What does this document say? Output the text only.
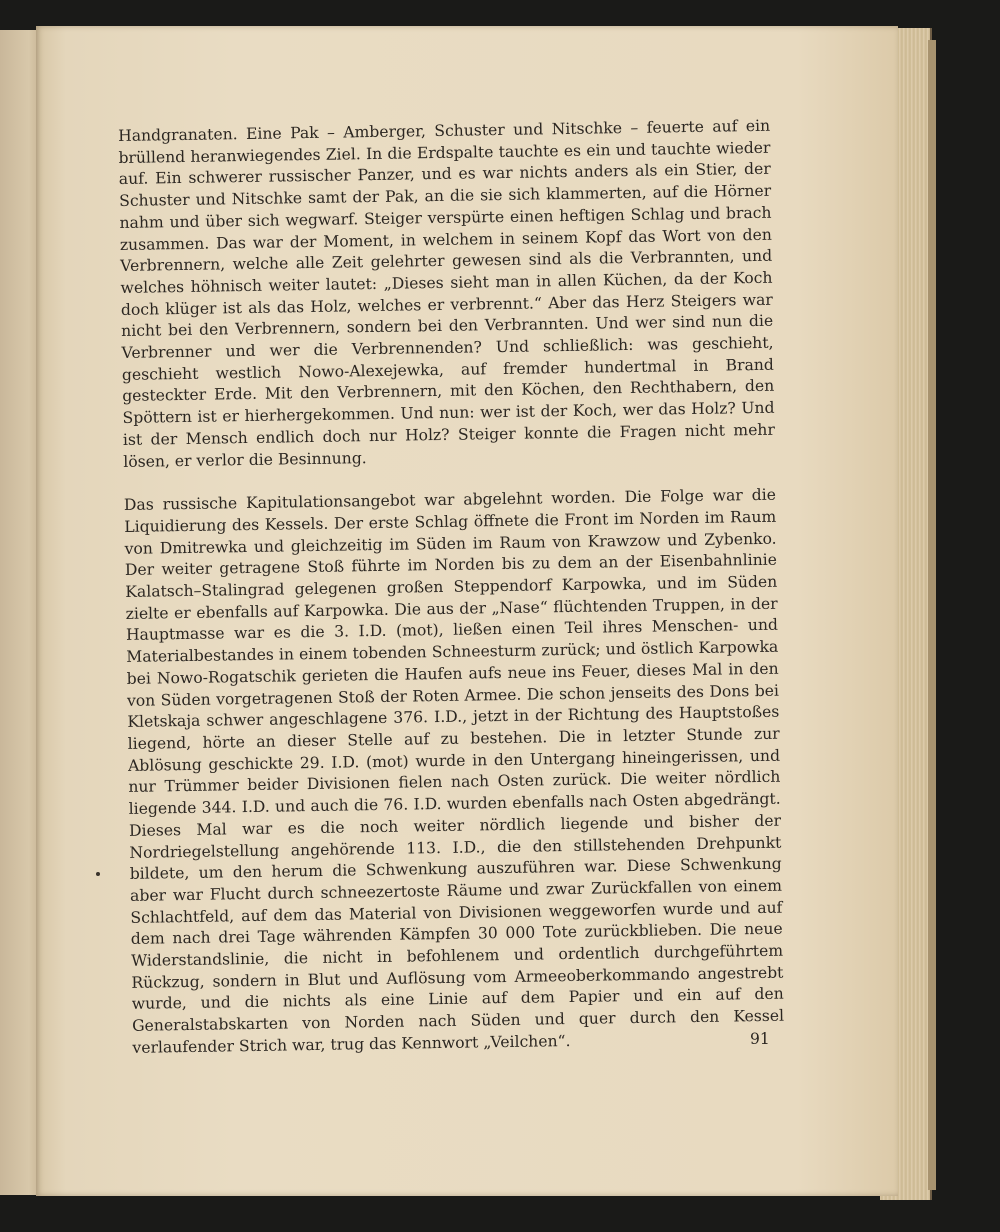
Handgranaten. Eine Pak – Amberger, Schuster und Nitschke – feuerte auf ein brüllend heranwiegendes Ziel. In die Erdspalte tauchte es ein und tauchte wieder auf. Ein schwerer russischer Panzer, und es war nichts anders als ein Stier, der Schuster und Nitschke samt der Pak, an die sie sich klammerten, auf die Hörner nahm und über sich wegwarf. Steiger verspürte einen heftigen Schlag und brach zusammen. Das war der Moment, in welchem in seinem Kopf das Wort von den Verbrennern, welche alle Zeit gelehrter gewesen sind als die Verbrannten, und welches höhnisch weiter lautet: „Dieses sieht man in allen Küchen, da der Koch doch klüger ist als das Holz, welches er verbrennt.“ Aber das Herz Steigers war nicht bei den Verbrennern, sondern bei den Verbrannten. Und wer sind nun die Verbrenner und wer die Verbrennenden? Und schließlich: was geschieht, geschieht westlich Nowo-Alexejewka, auf fremder hundertmal in Brand gesteckter Erde. Mit den Verbrennern, mit den Köchen, den Rechthabern, den Spöttern ist er hierhergekommen. Und nun: wer ist der Koch, wer das Holz? Und ist der Mensch endlich doch nur Holz? Steiger konnte die Fragen nicht mehr lösen, er verlor die Besinnung.

Das russische Kapitulationsangebot war abgelehnt worden. Die Folge war die Liquidierung des Kessels. Der erste Schlag öffnete die Front im Norden im Raum von Dmitrewka und gleichzeitig im Süden im Raum von Krawzow und Zybenko. Der weiter getragene Stoß führte im Norden bis zu dem an der Eisenbahnlinie Kalatsch–Stalingrad gelegenen großen Steppendorf Karpowka, und im Süden zielte er ebenfalls auf Karpowka. Die aus der „Nase“ flüchtenden Truppen, in der Hauptmasse war es die 3. I.D. (mot), ließen einen Teil ihres Menschen- und Materialbestandes in einem tobenden Schneesturm zurück; und östlich Karpowka bei Nowo-Rogatschik gerieten die Haufen aufs neue ins Feuer, dieses Mal in den von Süden vorgetragenen Stoß der Roten Armee. Die schon jenseits des Dons bei Kletskaja schwer angeschlagene 376. I.D., jetzt in der Richtung des Hauptstoßes liegend, hörte an dieser Stelle auf zu bestehen. Die in letzter Stunde zur Ablösung geschickte 29. I.D. (mot) wurde in den Untergang hineingerissen, und nur Trümmer beider Divisionen fielen nach Osten zurück. Die weiter nördlich liegende 344. I.D. und auch die 76. I.D. wurden ebenfalls nach Osten abgedrängt. Dieses Mal war es die noch weiter nördlich liegende und bisher der Nordriegelstellung angehörende 113. I.D., die den stillstehenden Drehpunkt bildete, um den herum die Schwenkung auszuführen war. Diese Schwenkung aber war Flucht durch schneezertoste Räume und zwar Zurückfallen von einem Schlachtfeld, auf dem das Material von Divisionen weggeworfen wurde und auf dem nach drei Tage währenden Kämpfen 30 000 Tote zurückblieben. Die neue Widerstandslinie, die nicht in befohlenem und ordentlich durchgeführtem Rückzug, sondern in Blut und Auflösung vom Armeeoberkommando angestrebt wurde, und die nichts als eine Linie auf dem Papier und ein auf den Generalstabskarten von Norden nach Süden und quer durch den Kessel verlaufender Strich war, trug das Kennwort „Veilchen“.	91
